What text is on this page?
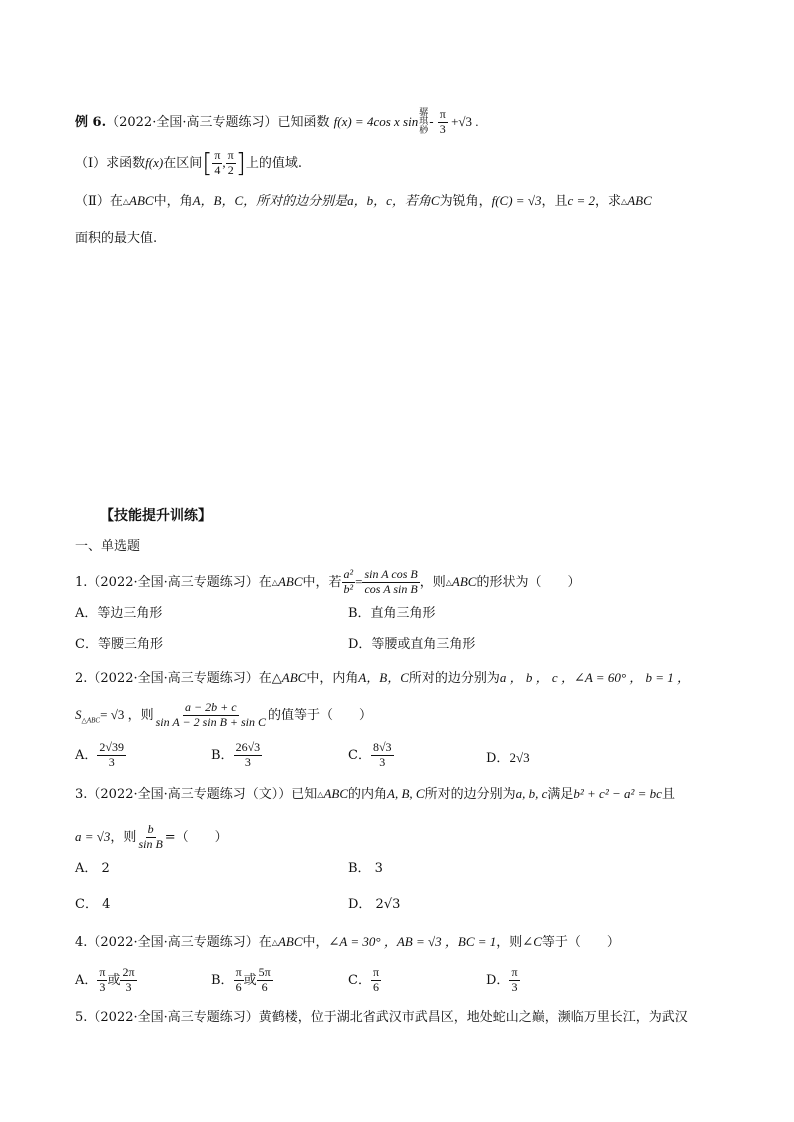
例 6.（2022·全国·高三专题练习）已知函数 f(x) = 4cos x sin
骣
琪
桫
- $\frac{\pi}{3} +√3$ .
（Ⅰ）求函数f(x)在区间[ $\frac{\pi}{4}$ , $\frac{\pi}{2}$ ]上的值域.
（Ⅱ）在△ABC中，角A，B，C，所对的边分别是a，b，c，若角C为锐角，f(C) = √3，且c = 2，求△ABC
面积的最大值.
【技能提升训练】
一、单选题
1.（2022·全国·高三专题练习）在△ABC中，若 $\frac{\text{a²}}{\text{b²}} = \frac{\text{sin A cos B}}{\text{cos A sin B}}$ ，则△ABC的形状为（　　）
A．等边三角形	B．直角三角形
C．等腰三角形	D．等腰或直角三角形
2.（2022·全国·高三专题练习）在△ABC中，内角A，B，C所对的边分别为a ， b ， c ，∠A = 60° ， b = 1 ，
$S_{\triangle ABC}= √3$ ，则 $\frac{a - 2b + c}{\text{sin A − 2 sin B + sin C}}$ 的值等于（　　）
A． $\frac{2√39}{3}$	B． $\frac{26√3}{3}$	C． $\frac{8√3}{3}$	D．2√3
3.（2022·全国·高三专题练习（文））已知△ABC的内角A, B, C所对的边分别为a, b, c满足b² + c² − a² = bc且
a = √3，则 $\frac{b}{\text{sin B}}$ =（　　）
A． 2	B． 3
C． 4	D． 2√3
4.（2022·全国·高三专题练习）在△ABC中，∠A = 30° ，AB = √3 ，BC = 1，则∠C等于（　　）
A． $\frac{\pi}{3}$ 或 $\frac{2\pi}{3}$	B． $\frac{\pi}{6}$ 或 $\frac{5\pi}{6}$	C． $\frac{\pi}{6}$	D． $\frac{\pi}{3}$
5.（2022·全国·高三专题练习）黄鹤楼，位于湖北省武汉市武昌区，地处蛇山之巅，濒临万里长江，为武汉
